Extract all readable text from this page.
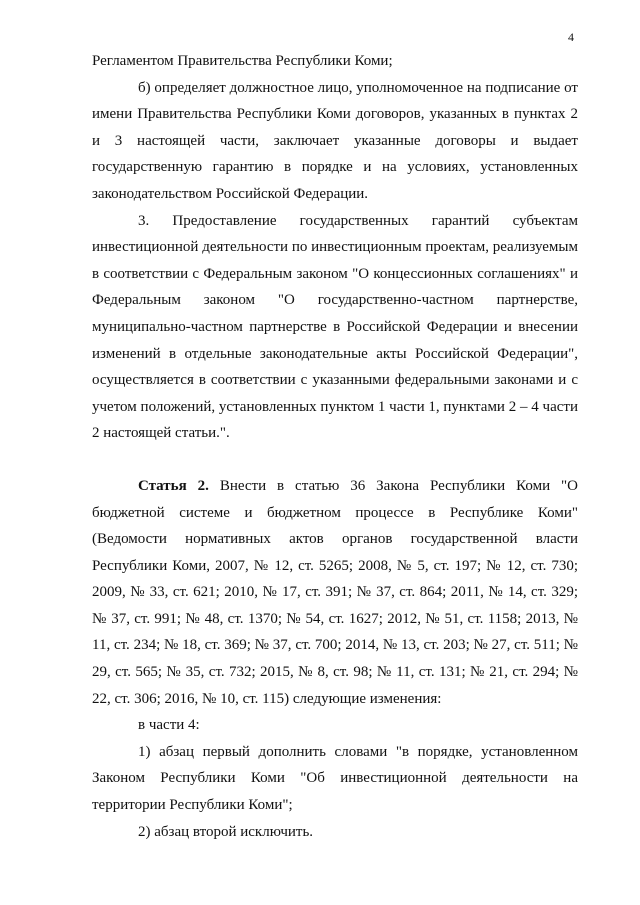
4

Регламентом Правительства Республики Коми;

б) определяет должностное лицо, уполномоченное на подписание от имени Правительства Республики Коми договоров, указанных в пунктах 2 и 3 настоящей части, заключает указанные договоры и выдает государственную гарантию в порядке и на условиях, установленных законодательством Российской Федерации.

3. Предоставление государственных гарантий субъектам инвестиционной деятельности по инвестиционным проектам, реализуемым в соответствии с Федеральным законом "О концессионных соглашениях" и Федеральным законом "О государственно-частном партнерстве, муниципально-частном партнерстве в Российской Федерации и внесении изменений в отдельные законодательные акты Российской Федерации", осуществляется в соответствии с указанными федеральными законами и с учетом положений, установленных пунктом 1 части 1, пунктами 2 – 4 части 2 настоящей статьи.".

Статья 2. Внести в статью 36 Закона Республики Коми "О бюджетной системе и бюджетном процессе в Республике Коми" (Ведомости нормативных актов органов государственной власти Республики Коми, 2007, № 12, ст. 5265; 2008, № 5, ст. 197; № 12, ст. 730; 2009, № 33, ст. 621; 2010, № 17, ст. 391; № 37, ст. 864; 2011, № 14, ст. 329; № 37, ст. 991; № 48, ст. 1370; № 54, ст. 1627; 2012, № 51, ст. 1158; 2013, № 11, ст. 234; № 18, ст. 369; № 37, ст. 700; 2014, № 13, ст. 203; № 27, ст. 511; № 29, ст. 565; № 35, ст. 732; 2015, № 8, ст. 98; № 11, ст. 131; № 21, ст. 294; № 22, ст. 306; 2016, № 10, ст. 115) следующие изменения:

в части 4:

1) абзац первый дополнить словами "в порядке, установленном Законом Республики Коми "Об инвестиционной деятельности на территории Республики Коми";

2) абзац второй исключить.
